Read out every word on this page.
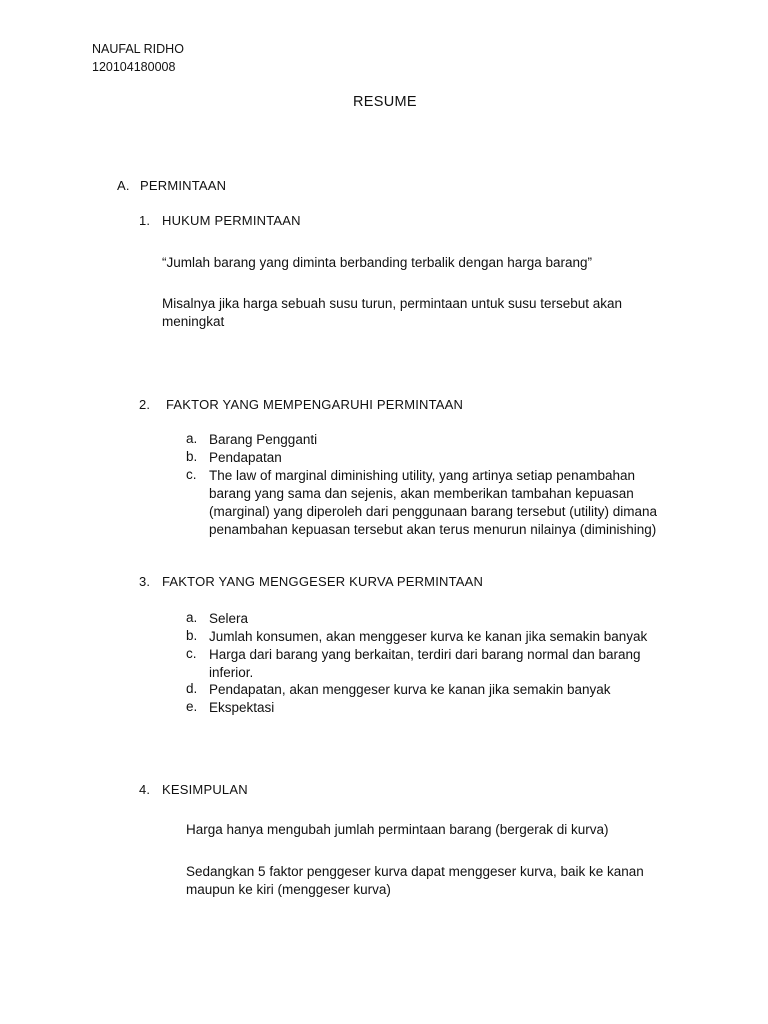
NAUFAL RIDHO
120104180008
RESUME
A. PERMINTAAN
1. HUKUM PERMINTAAN
“Jumlah barang yang diminta berbanding terbalik dengan harga barang”
Misalnya jika harga sebuah susu turun, permintaan untuk susu tersebut akan meningkat
2. FAKTOR YANG MEMPENGARUHI PERMINTAAN
a. Barang Pengganti
b. Pendapatan
c. The law of marginal diminishing utility, yang artinya setiap penambahan barang yang sama dan sejenis, akan memberikan tambahan kepuasan (marginal) yang diperoleh dari penggunaan barang tersebut (utility) dimana penambahan kepuasan tersebut akan terus menurun nilainya (diminishing)
3. FAKTOR YANG MENGGESER KURVA PERMINTAAN
a. Selera
b. Jumlah konsumen, akan menggeser kurva ke kanan jika semakin banyak
c. Harga dari barang yang berkaitan, terdiri dari barang normal dan barang inferior.
d. Pendapatan, akan menggeser kurva ke kanan jika semakin banyak
e. Ekspektasi
4. KESIMPULAN
Harga hanya mengubah jumlah permintaan barang (bergerak di kurva)
Sedangkan 5 faktor penggeser kurva dapat menggeser kurva, baik ke kanan maupun ke kiri (menggeser kurva)
